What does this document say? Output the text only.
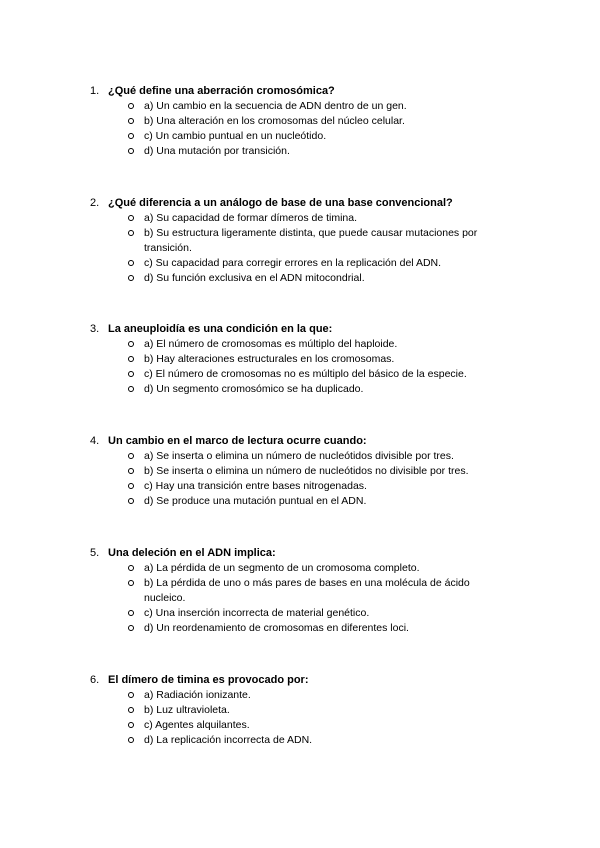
1. ¿Qué define una aberración cromosómica?
a) Un cambio en la secuencia de ADN dentro de un gen.
b) Una alteración en los cromosomas del núcleo celular.
c) Un cambio puntual en un nucleótido.
d) Una mutación por transición.
2. ¿Qué diferencia a un análogo de base de una base convencional?
a) Su capacidad de formar dímeros de timina.
b) Su estructura ligeramente distinta, que puede causar mutaciones por transición.
c) Su capacidad para corregir errores en la replicación del ADN.
d) Su función exclusiva en el ADN mitocondrial.
3. La aneuploidía es una condición en la que:
a) El número de cromosomas es múltiplo del haploide.
b) Hay alteraciones estructurales en los cromosomas.
c) El número de cromosomas no es múltiplo del básico de la especie.
d) Un segmento cromosómico se ha duplicado.
4. Un cambio en el marco de lectura ocurre cuando:
a) Se inserta o elimina un número de nucleótidos divisible por tres.
b) Se inserta o elimina un número de nucleótidos no divisible por tres.
c) Hay una transición entre bases nitrogenadas.
d) Se produce una mutación puntual en el ADN.
5. Una deleción en el ADN implica:
a) La pérdida de un segmento de un cromosoma completo.
b) La pérdida de uno o más pares de bases en una molécula de ácido nucleico.
c) Una inserción incorrecta de material genético.
d) Un reordenamiento de cromosomas en diferentes loci.
6. El dímero de timina es provocado por:
a) Radiación ionizante.
b) Luz ultravioleta.
c) Agentes alquilantes.
d) La replicación incorrecta de ADN.
